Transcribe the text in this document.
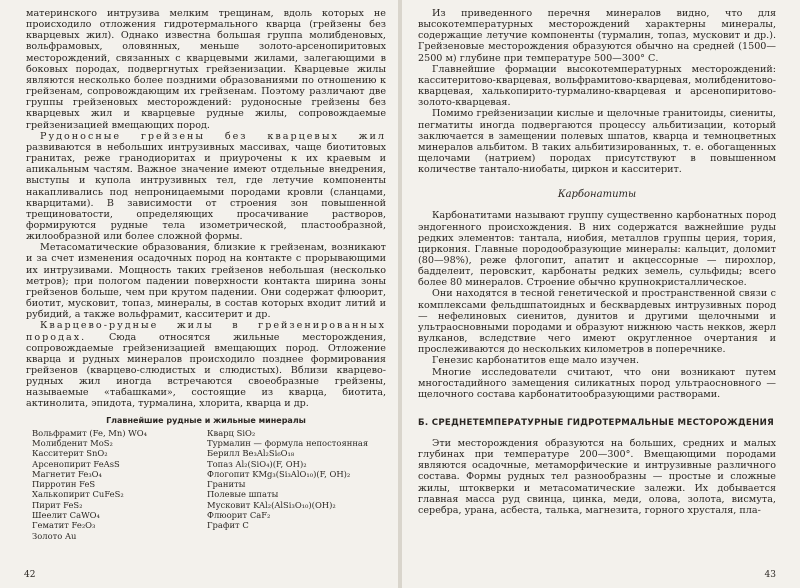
материнского интрузива мелким трещинам, вдоль которых не происходило отложения гидротермального кварца (грейзены без кварцевых жил). Однако известна большая группа молибденовых, вольфрамовых, оловянных, меньше золото-арсенопиритовых месторождений, связанных с кварцевыми жилами, залегающими в боковых породах, подвергнутых грейзенизации. Кварцевые жилы являются несколько более поздними образованиями по отношению к грейзенам, сопровождающим их грейзенам. Поэтому различают две группы грейзеновых месторождений: рудоносные грейзены без кварцевых жил и кварцевые рудные жилы, сопровождаемые грейзенизацией вмещающих пород.

Рудоносные грейзены без кварцевых жил развиваются в небольших интрузивных массивах, чаще биотитовых гранитах, реже гранодиоритах и приурочены к их краевым и апикальным частям. Важное значение имеют отдельные внедрения, выступы и купола интрузивных тел, где летучие компоненты накапливались под непроницаемыми породами кровли (сланцами, кварцитами). В зависимости от строения зон повышенной трещиноватости, определяющих просачивание растворов, формируются рудные тела изометрической, пластообразной, жилообразной или более сложной формы.

Метасоматические образования, близкие к грейзенам, возникают и за счет изменения осадочных пород на контакте с прорывающими их интрузивами. Мощность таких грейзенов небольшая (несколько метров); при пологом падении поверхности контакта ширина зоны грейзенов больше, чем при крутом падении. Они содержат флюорит, биотит, мусковит, топаз, минералы, в состав которых входит литий и рубидий, а также вольфрамит, касситерит и др.

Кварцево-рудные жилы в грейзенированных породах. Сюда относятся жильные месторождения, сопровождаемые грейзенизацией вмещающих пород. Отложение кварца и рудных минералов происходило позднее формирования грейзенов (кварцево-слюдистых и слюдистых). Вблизи кварцево-рудных жил иногда встречаются своеобразные грейзены, называемые «табашками», состоящие из кварца, биотита, актинолита, эпидота, турмалина, хлорита, кварца и др.

Главнейшие рудные и жильные минералы
Вольфрамит (Fe, Mn) WO₄
Молибденит MoS₂
Касситерит SnO₂
Арсенопирит FeAsS
Магнетит Fe₃O₄
Пирротин FeS
Халькопирит CuFeS₂
Пирит FeS₂
Шеелит CaWO₄
Гематит Fe₂O₃
Золото Au
Кварц SiO₂
Турмалин — формула непостоянная
Берилл Be₃Al₂Si₆O₁₈
Топаз Al₂(SiO₄)(F, OH)₂
Флогопит KMg₃(Si₃AlO₁₀)(F, OH)₂
Граниты
Полевые шпаты
Мусковит KAl₂(AlSi₃O₁₀)(OH)₂
Флюорит CaF₂
Графит C
42

Из приведенного перечня минералов видно, что для высокотемпературных месторождений характерны минералы, содержащие летучие компоненты (турмалин, топаз, мусковит и др.). Грейзеновые месторождения образуются обычно на средней (1500—2500 м) глубине при температуре 500—300° С.

Главнейшие формации высокотемпературных месторождений: касситеритово-кварцевая, вольфрамитово-кварцевая, молибденитово-кварцевая, халькопирито-турмалино-кварцевая и арсенопиритово-золото-кварцевая.

Помимо грейзенизации кислые и щелочные гранитоиды, сиениты, пегматиты иногда подвергаются процессу альбитизации, который заключается в замещении полевых шпатов, кварца и темноцветных минералов альбитом. В таких альбитизированных, т. е. обогащенных щелочами (натрием) породах присутствуют в повышенном количестве тантало-ниобаты, циркон и касситерит.

Карбонатиты

Карбонатитами называют группу существенно карбонатных пород эндогенного происхождения. В них содержатся важнейшие руды редких элементов: тантала, ниобия, металлов группы церия, тория, циркония. Главные породообразующие минералы: кальцит, доломит (80—98%), реже флогопит, апатит и акцессорные — пирохлор, бадделеит, перовскит, карбонаты редких земель, сульфиды; всего более 80 минералов. Строение обычно крупнокристаллическое.

Они находятся в тесной генетической и пространственной связи с комплексами фельдшпатоидных и бесквардевых интрузивных пород — нефелиновых сиенитов, дунитов и другими щелочными и ультраосновными породами и образуют нижнюю часть некков, жерл вулканов, вследствие чего имеют округленное очертания и прослеживаются до нескольких километров в поперечнике.

Генезис карбонатитов еще мало изучен.

Многие исследователи считают, что они возникают путем многостадийного замещения силикатных пород ультраосновного — щелочного состава карбонатитообразующими растворами.

Б. СРЕДНЕТЕМПЕРАТУРНЫЕ ГИДРОТЕРМАЛЬНЫЕ МЕСТОРОЖДЕНИЯ

Эти месторождения образуются на больших, средних и малых глубинах при температуре 200—300°. Вмещающими породами являются осадочные, метаморфические и интрузивные различного состава. Формы рудных тел разнообразны — простые и сложные жилы, штокверки и метасоматические залежи. Их добывается главная масса руд свинца, цинка, меди, олова, золота, висмута, серебра, урана, асбеста, талька, магнезита, горного хрусталя, пла-

43
